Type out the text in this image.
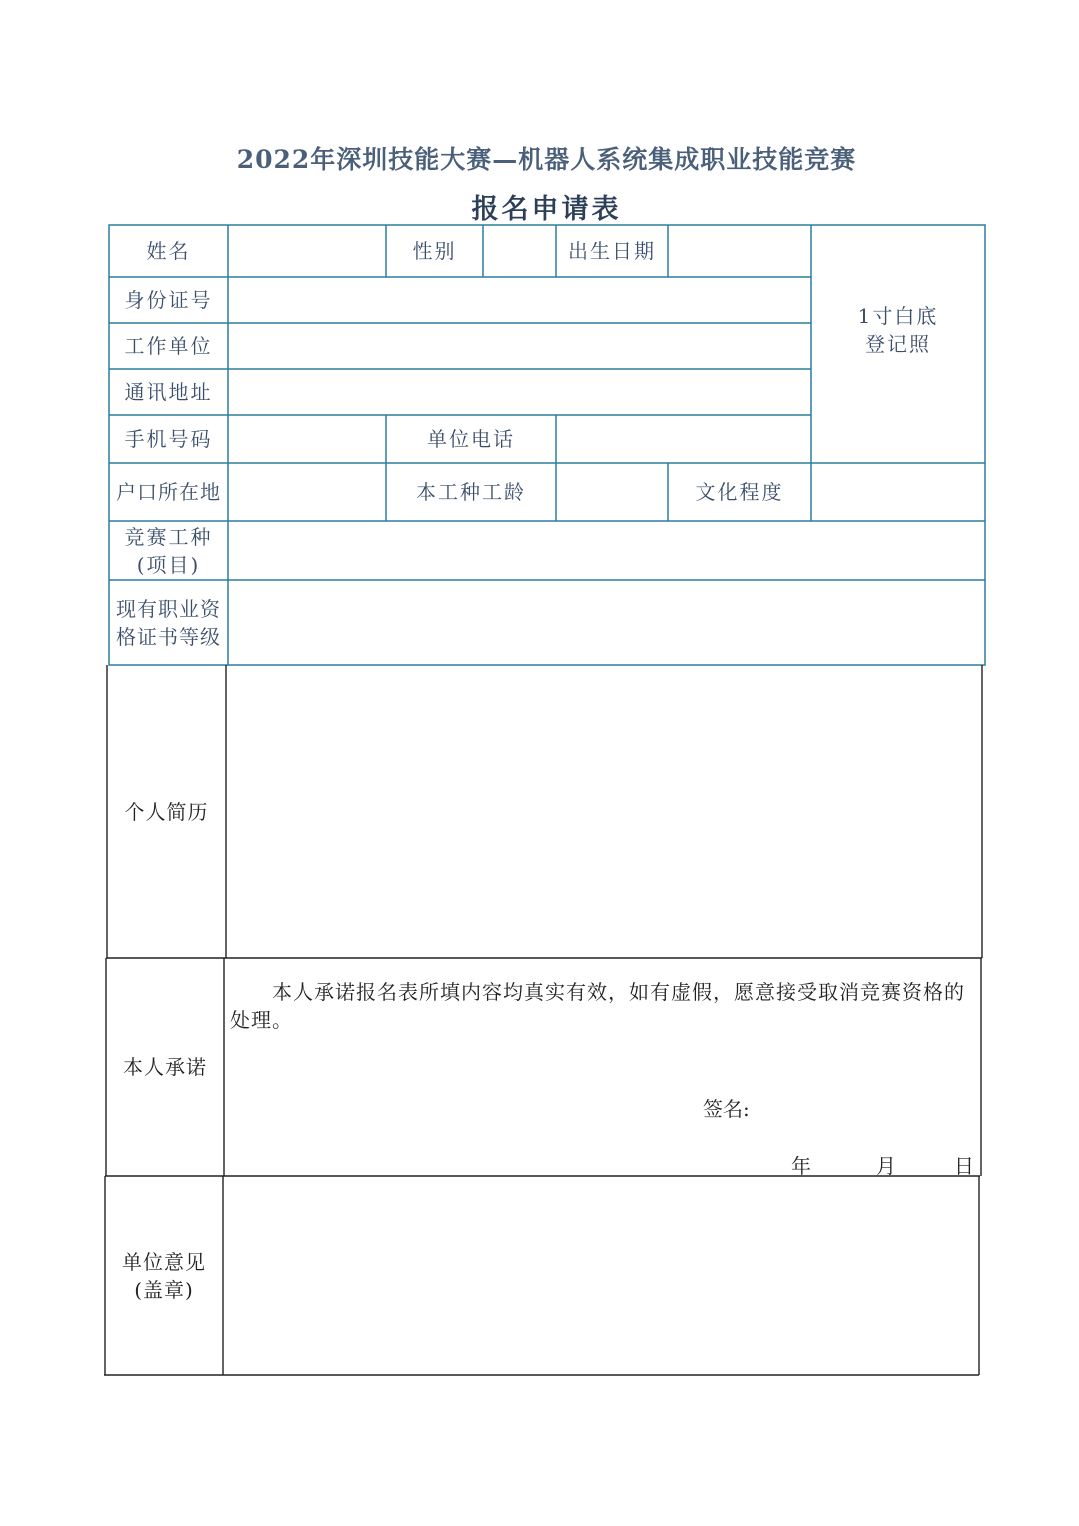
2022年深圳技能大赛—机器人系统集成职业技能竞赛
报名申请表
姓名	性别	出生日期
1寸白底
登记照
身份证号
工作单位
通讯地址
手机号码	单位电话
户口所在地	本工种工龄	文化程度
竞赛工种
(项目)
现有职业资
格证书等级
个人简历
本人承诺
本人承诺报名表所填内容均真实有效，如有虚假，愿意接受取消竞赛资格的处理。
签名:
年	月	日
单位意见
(盖章)
